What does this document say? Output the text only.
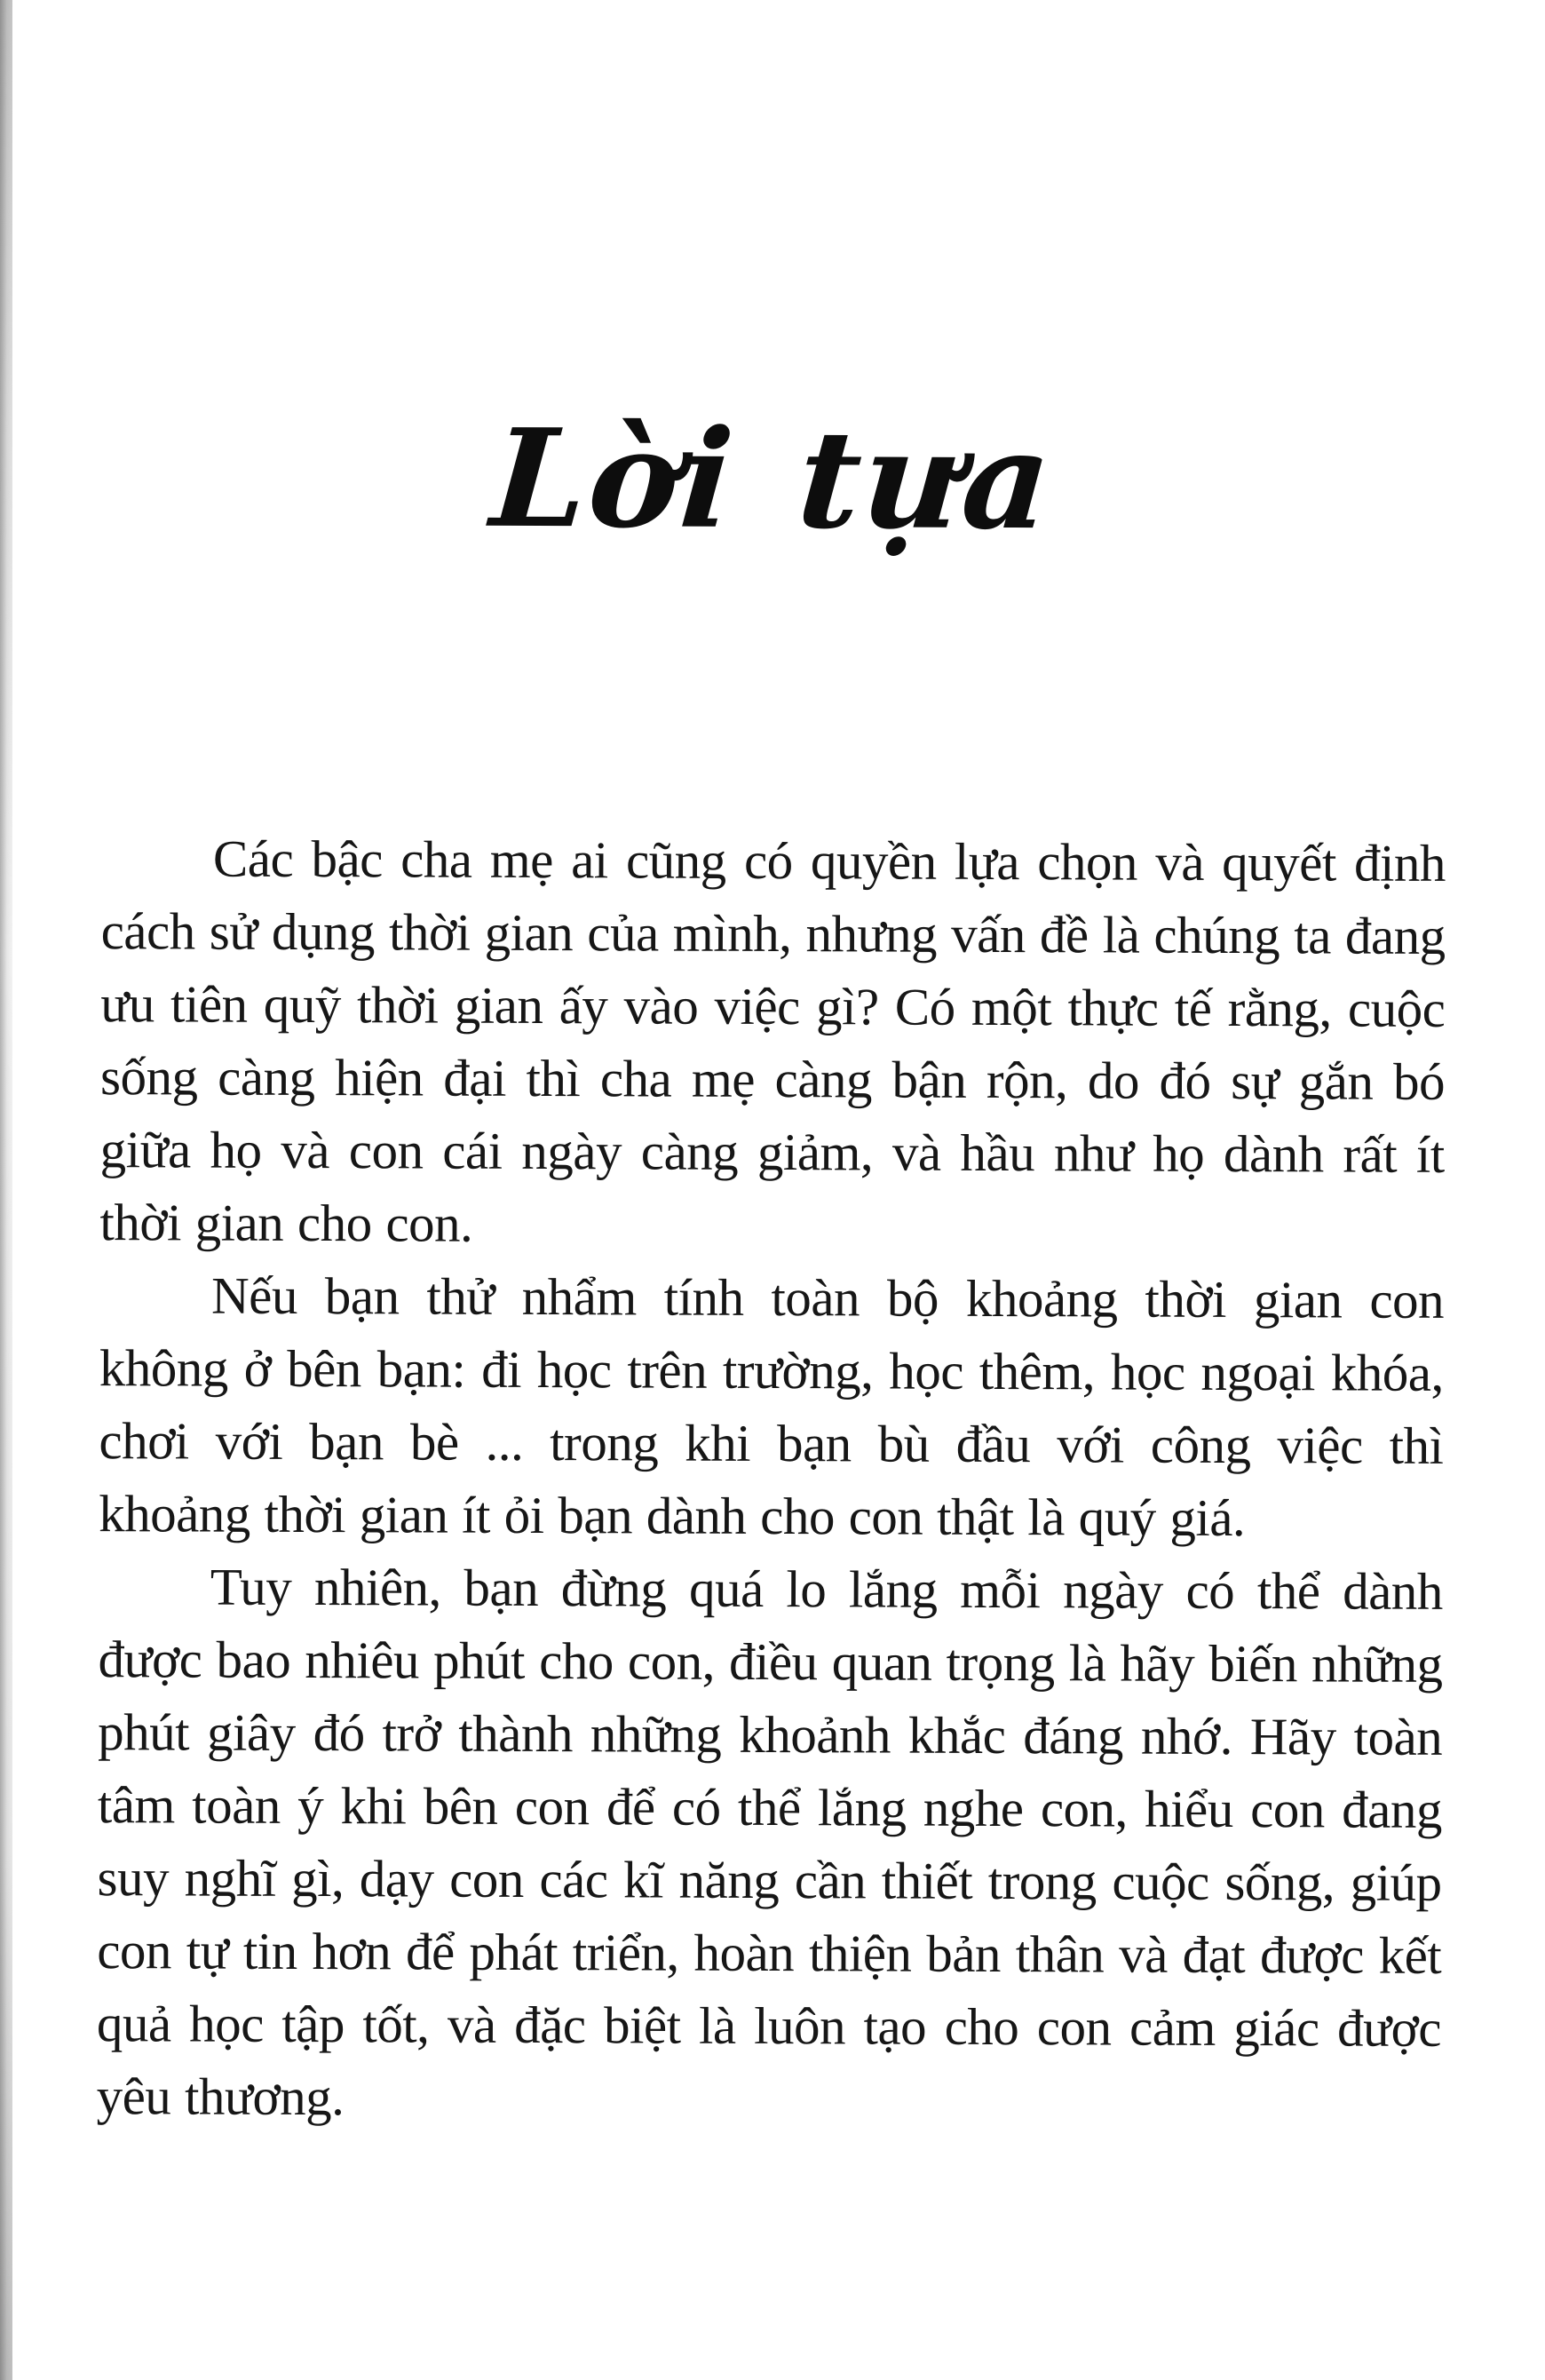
Lời tựa

Các bậc cha mẹ ai cũng có quyền lựa chọn và quyết định cách sử dụng thời gian của mình, nhưng vấn đề là chúng ta đang ưu tiên quỹ thời gian ấy vào việc gì? Có một thực tế rằng, cuộc sống càng hiện đại thì cha mẹ càng bận rộn, do đó sự gắn bó giữa họ và con cái ngày càng giảm, và hầu như họ dành rất ít thời gian cho con.

Nếu bạn thử nhẩm tính toàn bộ khoảng thời gian con không ở bên bạn: đi học trên trường, học thêm, học ngoại khóa, chơi với bạn bè ... trong khi bạn bù đầu với công việc thì khoảng thời gian ít ỏi bạn dành cho con thật là quý giá.

Tuy nhiên, bạn đừng quá lo lắng mỗi ngày có thể dành được bao nhiêu phút cho con, điều quan trọng là hãy biến những phút giây đó trở thành những khoảnh khắc đáng nhớ. Hãy toàn tâm toàn ý khi bên con để có thể lắng nghe con, hiểu con đang suy nghĩ gì, dạy con các kĩ năng cần thiết trong cuộc sống, giúp con tự tin hơn để phát triển, hoàn thiện bản thân và đạt được kết quả học tập tốt, và đặc biệt là luôn tạo cho con cảm giác được yêu thương.
